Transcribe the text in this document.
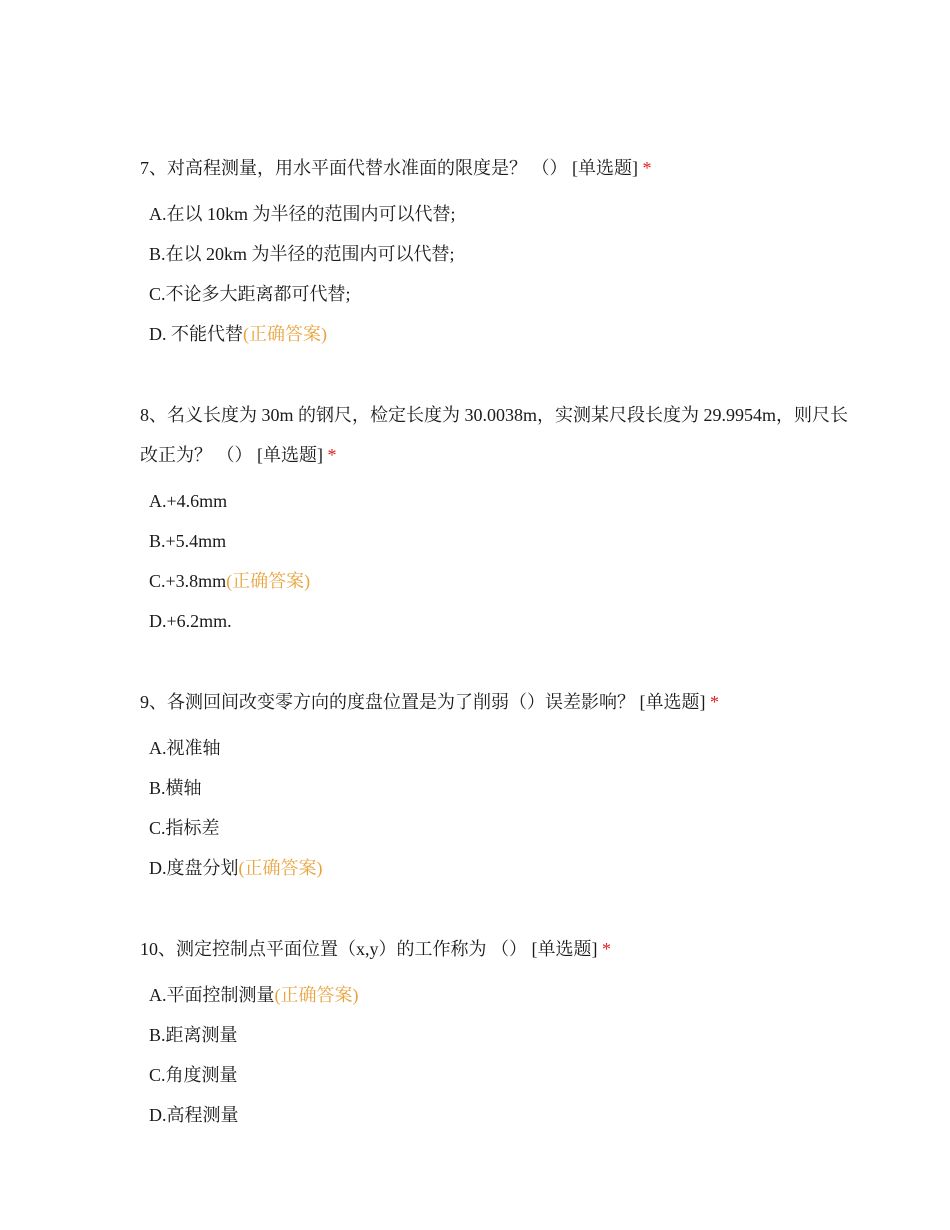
7、对高程测量，用水平面代替水准面的限度是？ （） [单选题] *

A.在以 10km 为半径的范围内可以代替;
B.在以 20km 为半径的范围内可以代替;
C.不论多大距离都可代替;
D. 不能代替(正确答案)

8、名义长度为 30m 的钢尺，检定长度为 30.0038m，实测某尺段长度为 29.9954m，则尺长改正为？ （） [单选题] *

A.+4.6mm
B.+5.4mm
C.+3.8mm(正确答案)
D.+6.2mm.

9、各测回间改变零方向的度盘位置是为了削弱（）误差影响？ [单选题] *

A.视准轴
B.横轴
C.指标差
D.度盘分划(正确答案)

10、测定控制点平面位置（x,y）的工作称为 （） [单选题] *

A.平面控制测量(正确答案)
B.距离测量
C.角度测量
D.高程测量
